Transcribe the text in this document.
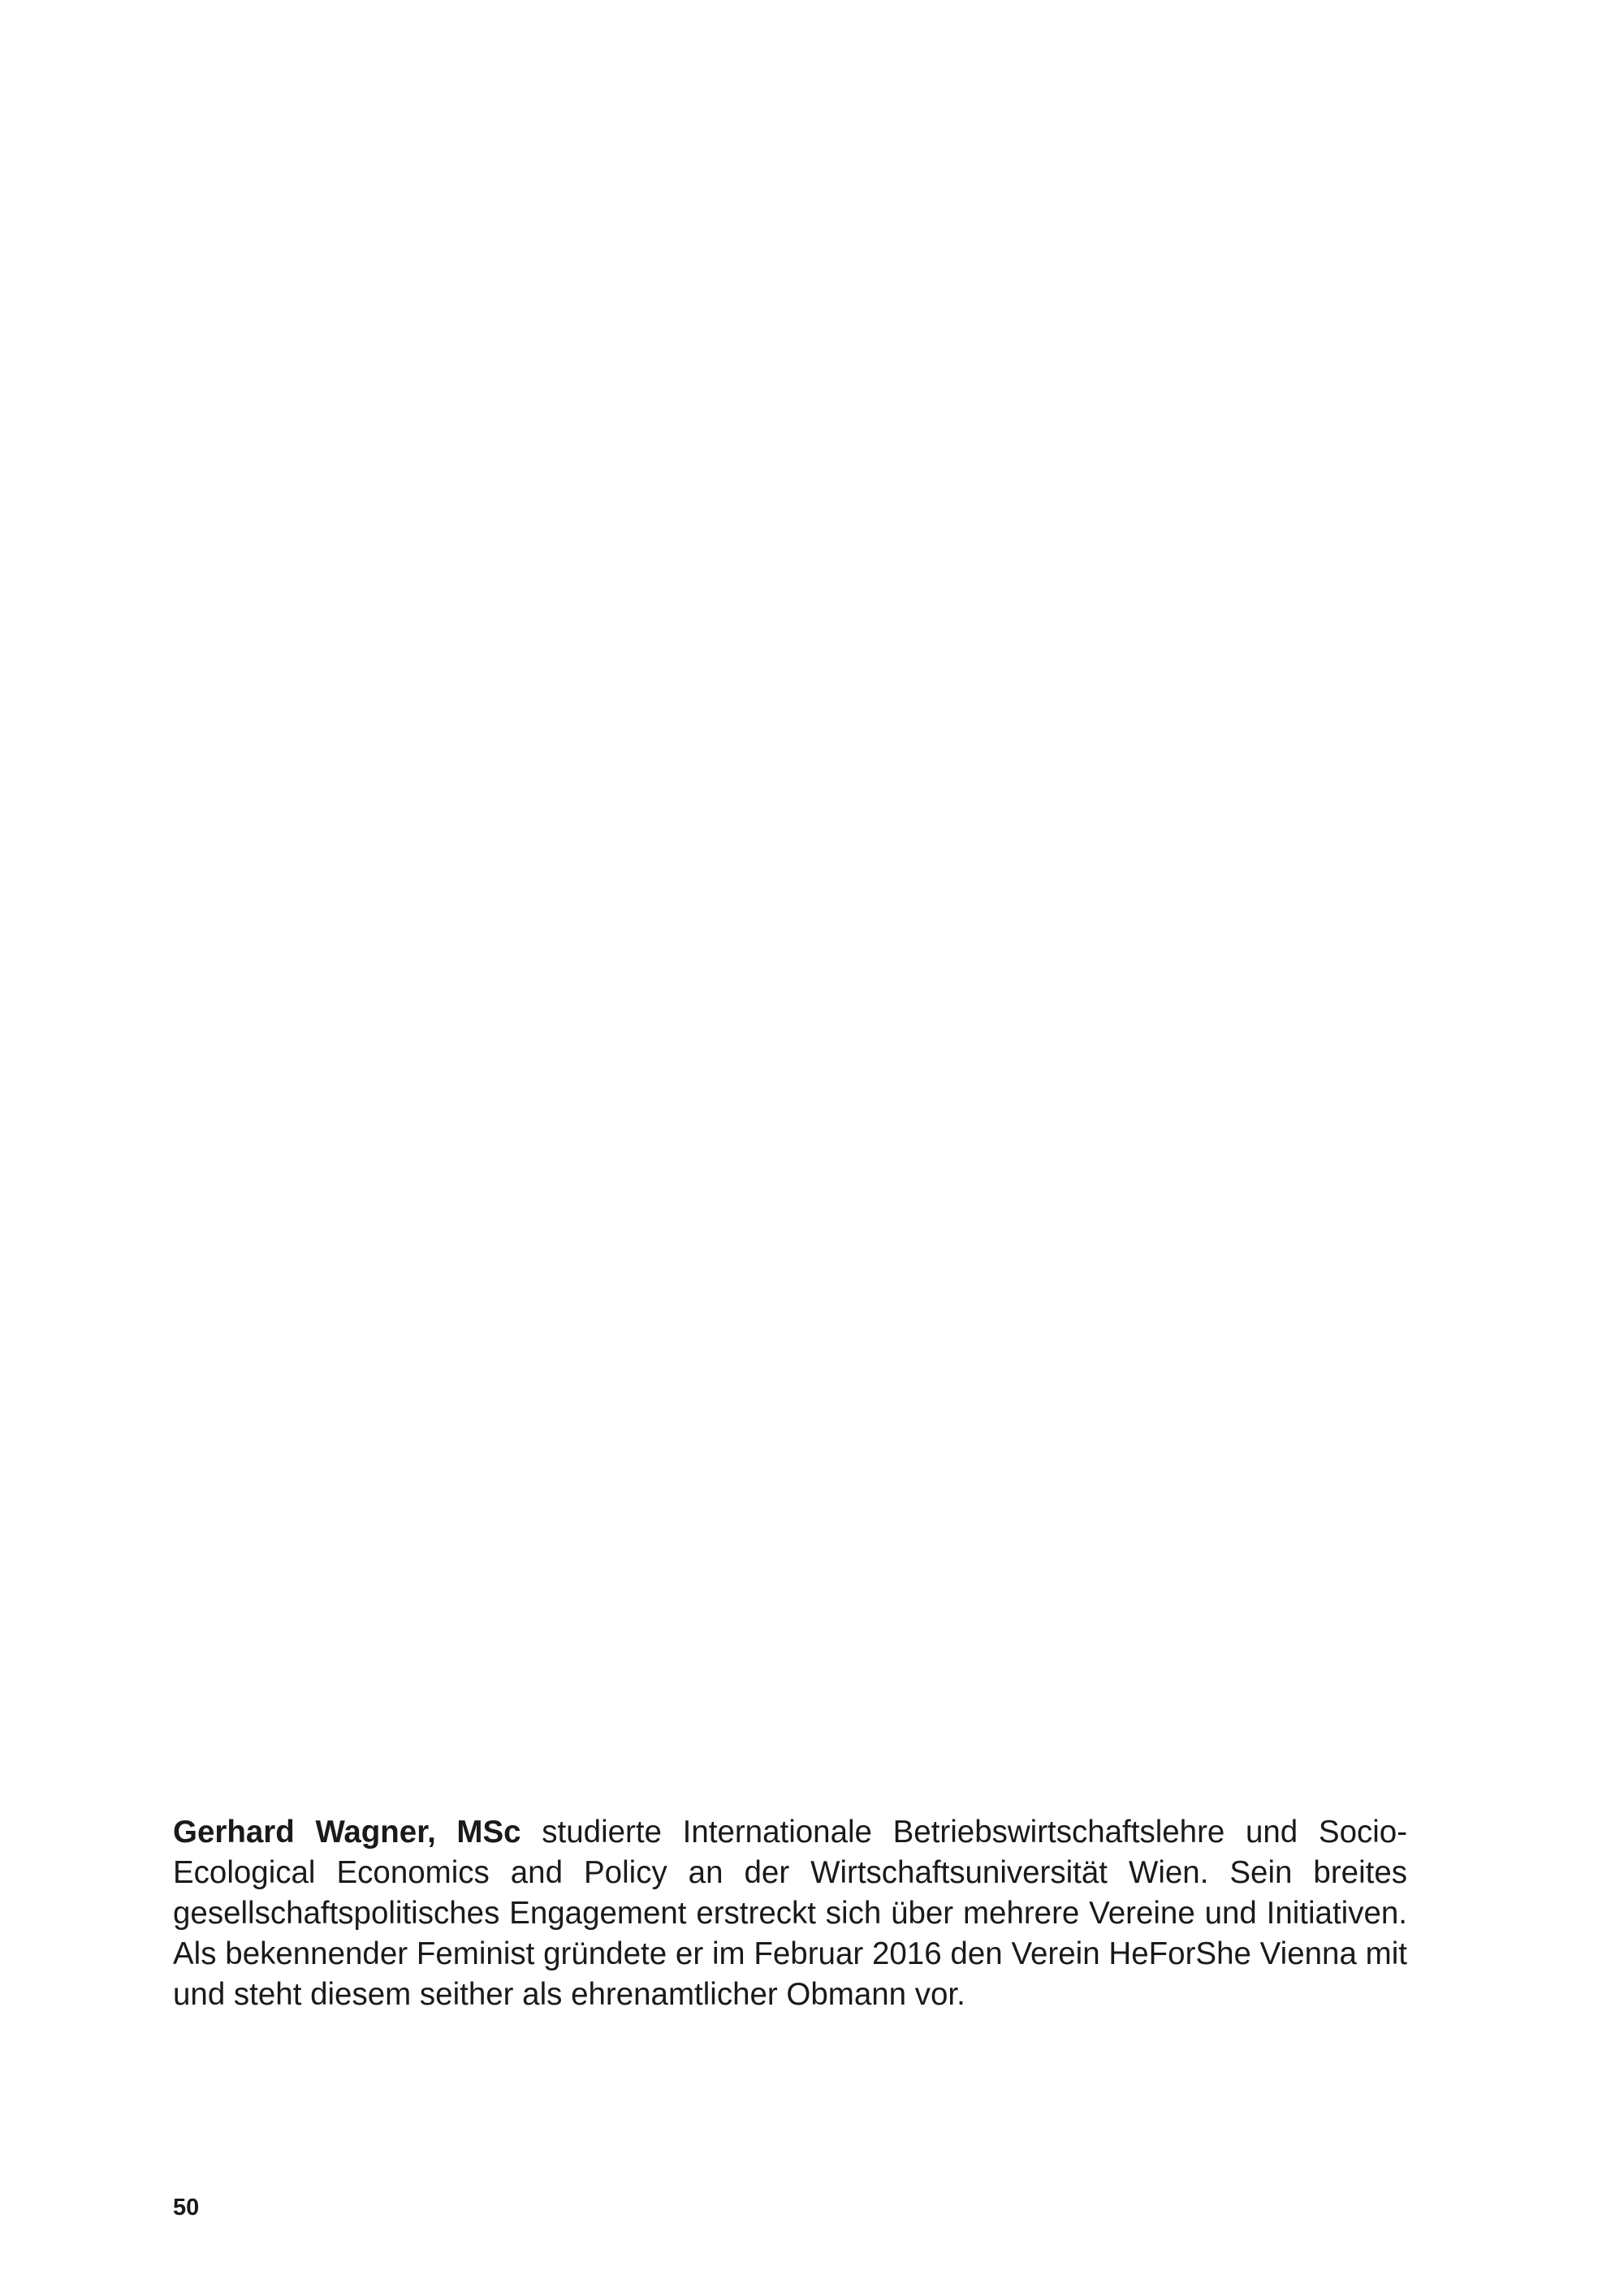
Gerhard Wagner, MSc studierte Internationale Betriebswirtschaftslehre und Socio-Ecological Economics and Policy an der Wirtschaftsuniversität Wien. Sein breites gesellschaftspolitisches Engagement erstreckt sich über mehrere Vereine und Initiativen. Als bekennender Feminist gründete er im Februar 2016 den Verein HeForShe Vienna mit und steht diesem seither als ehrenamtlicher Obmann vor.

50
